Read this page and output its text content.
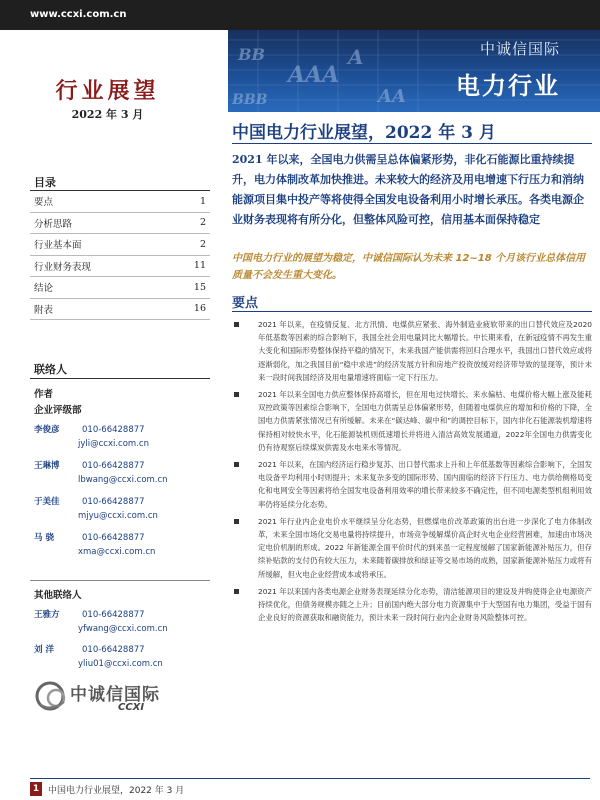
www.ccxi.com.cn
BB
AAA
BBB
A
AA
中诚信国际
电力行业
行业展望
2022 年 3 月
目录
要点	1
分析思路	2
行业基本面	2
行业财务表现	11
结论	15
附表	16
联络人
作者
企业评级部
李俊彦	010-66428877
jyli@ccxi.com.cn
王琳博	010-66428877
lbwang@ccxi.com.cn
于美佳	010-66428877
mjyu@ccxi.com.cn
马 骁	010-66428877
xma@ccxi.com.cn
其他联络人
王雅方	010-66428877
yfwang@ccxi.com.cn
刘 洋	010-66428877
yliu01@ccxi.com.cn
中诚信国际
CCXI
中国电力行业展望，2022 年 3 月
2021 年以来，全国电力供需呈总体偏紧形势，非化石能源比重持续提升，电力体制改革加快推进。未来较大的经济及用电增速下行压力和消纳能源项目集中投产等将使得全国发电设备利用小时增长承压。各类电源企业财务表现将有所分化，但整体风险可控，信用基本面保持稳定
中国电力行业的展望为稳定，中诚信国际认为未来 12~18 个月该行业总体信用质量不会发生重大变化。
要点
2021 年以来，在疫情反复、北方汛情、电煤供应紧张、海外制造业疲软带来的出口替代效应及2020年低基数等因素的综合影响下，我国全社会用电量同比大幅增长。中长期来看，在新冠疫情不再发生重大变化和国际形势整体保持平稳的情况下，未来我国产能供需将回归合理水平，我国出口替代效应或将逐渐弱化，加之我国目前“稳中求进”的经济发展方针和房地产投资放缓对经济带导致的显现等，预计未来一段时间我国经济及用电量增速将面临一定下行压力。
2021 年以来全国电力供应整体保持高增长，但在用电过快增长、来水偏枯、电煤价格大幅上涨及能耗双控政策等因素综合影响下，全国电力供需呈总体偏紧形势，但随着电煤供应的增加和价格的下降，全国电力供需紧张情况已有所缓解。未来在“碳达峰、碳中和”的调控目标下，国内非化石能源装机增速将保持相对较快水平，化石能源装机则低速增长并将进入清洁高效发展通道，2022年全国电力供需变化仍有待观察后续煤炭供需及水电来水等情况。
2021 年以来，在国内经济运行稳步复苏、出口替代需求上升和上年低基数等因素综合影响下，全国发电设备平均利用小时则提升；未来复杂多变的国际形势、国内面临的经济下行压力、电力供给侧格局变化和电网安全等因素将给全国发电设备利用效率的增长带来较多不确定性，但不同电源类型机组利用效率仍将延续分化态势。
2021 年行业内企业电价水平继续呈分化态势，但燃煤电价改革政策的出台进一步深化了电力体制改革，未来全国市场化交易电量将持续提升，市场竞争缓解煤价高企时火电企业经营困难，加速由市场决定电价机制的形成。2022 年新能源全面平价时代的到来虽一定程度缓解了国家新能源补贴压力，但存续补贴款的支付仍有较大压力，未来随着碳排放和绿证等交易市场的成熟，国家新能源补贴压力或将有所缓解，但火电企业经营成本或将承压。
2021 年以来国内各类电源企业财务表现延续分化态势，清洁能源项目的建设及并购使得企业电源资产持续优化，但债务规模亦随之上升；目前国内绝大部分电力资源集中于大型国有电力集团，受益于国有企业良好的资源获取和融资能力，预计未来一段时间行业内企业财务风险整体可控。
1 中国电力行业展望，2022 年 3 月
